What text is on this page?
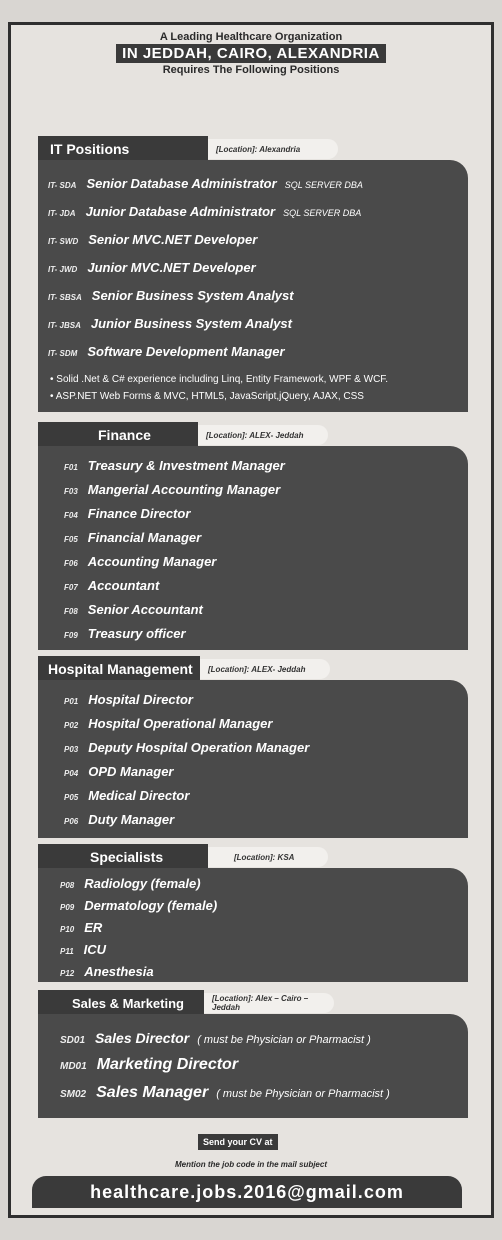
A Leading Healthcare Organization
IN JEDDAH, CAIRO, ALEXANDRIA
Requires The Following Positions
IT Positions	[Location]: Alexandria
IT- SDA Senior Database Administrator SQL SERVER DBA
IT- JDA Junior Database Administrator SQL SERVER DBA
IT- SWD Senior MVC.NET Developer
IT- JWD Junior MVC.NET Developer
IT- SBSA Senior Business System Analyst
IT- JBSA Junior Business System Analyst
IT- SDM Software Development Manager
• Solid .Net & C# experience including Linq, Entity Framework, WPF & WCF.
• ASP.NET Web Forms & MVC, HTML5, JavaScript,jQuery, AJAX, CSS
Finance	[Location]: ALEX- Jeddah
F01 Treasury & Investment Manager
F03 Mangerial Accounting Manager
F04 Finance Director
F05 Financial Manager
F06 Accounting Manager
F07 Accountant
F08 Senior Accountant
F09 Treasury officer
Hospital Management	[Location]: ALEX- Jeddah
P01 Hospital Director
P02 Hospital Operational Manager
P03 Deputy Hospital Operation Manager
P04 OPD Manager
P05 Medical Director
P06 Duty Manager
Specialists	[Location]: KSA
P08 Radiology (female)
P09 Dermatology (female)
P10 ER
P11 ICU
P12 Anesthesia
Sales & Marketing	[Location]: Alex – Cairo – Jeddah
SD01 Sales Director ( must be Physician or Pharmacist )
MD01 Marketing Director
SM02 Sales Manager ( must be Physician or Pharmacist )
Send your CV at
Mention the job code in the mail subject
healthcare.jobs.2016@gmail.com
